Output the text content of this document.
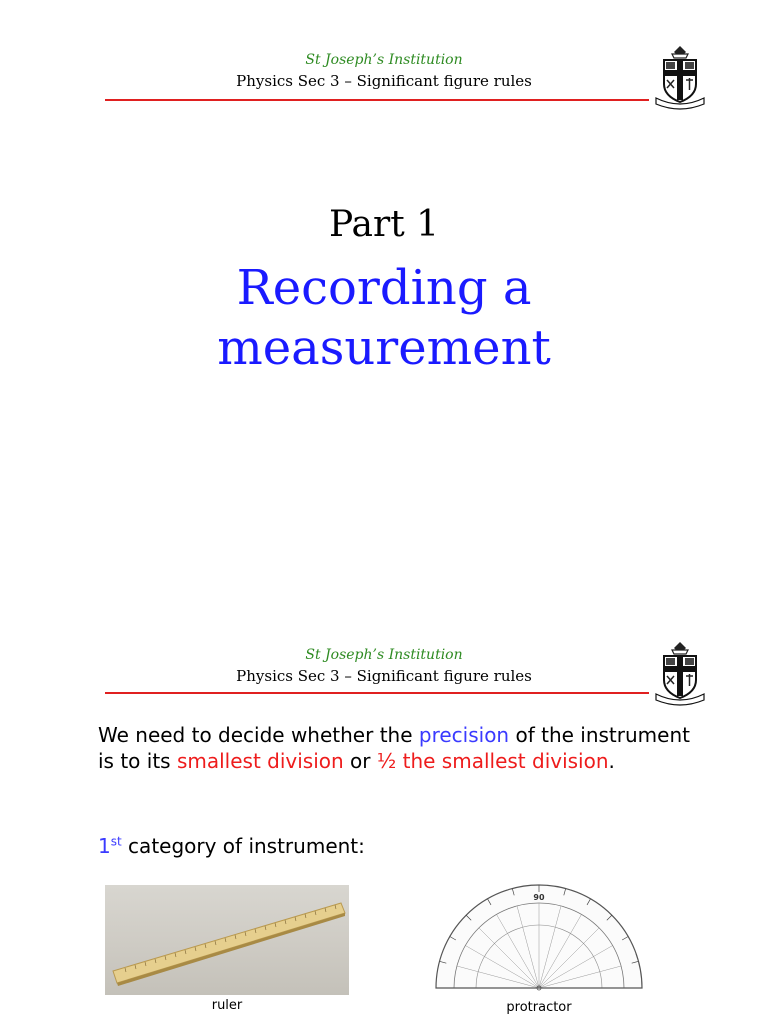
St Joseph’s Institution
Physics Sec 3 – Significant figure rules
Part 1
Recording a
measurement
St Joseph’s Institution
Physics Sec 3 – Significant figure rules
We need to decide whether the precision of the instrument is to its smallest division or ½ the smallest division.
1st category of instrument:
ruler
90
protractor
